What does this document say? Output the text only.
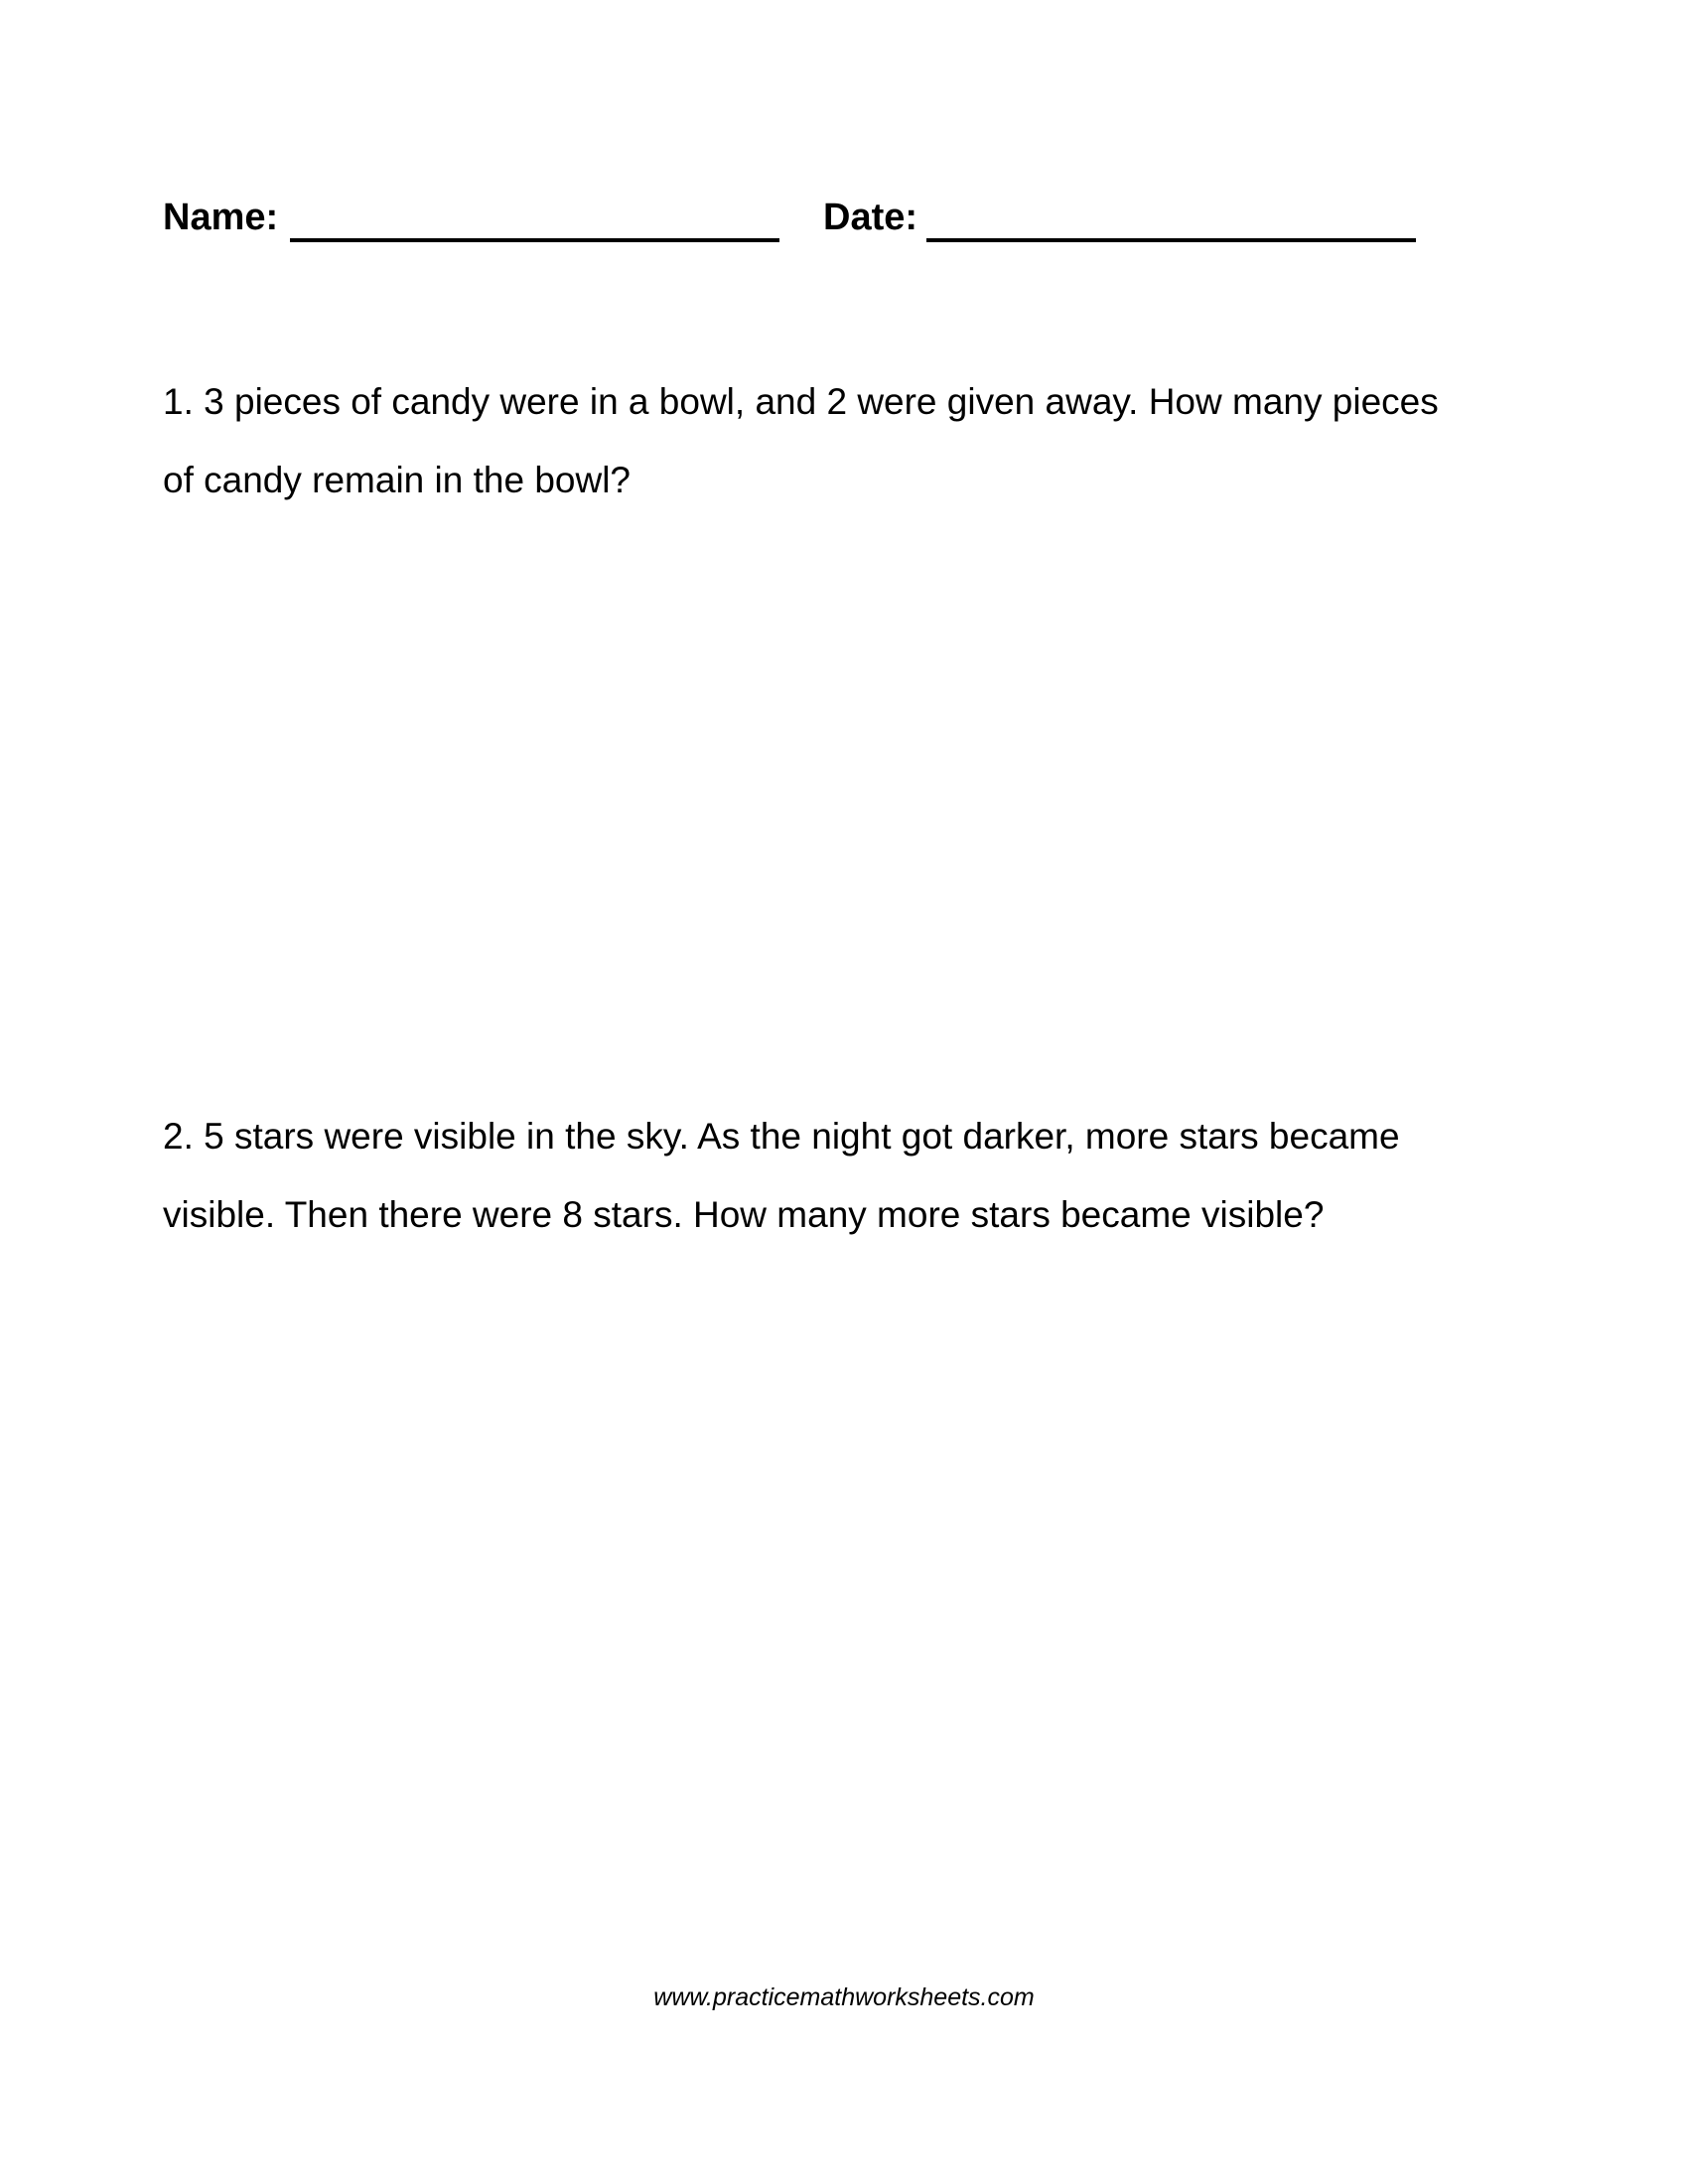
Name:	Date:
1. 3 pieces of candy were in a bowl, and 2 were given away. How many pieces
of candy remain in the bowl?
2. 5 stars were visible in the sky. As the night got darker, more stars became
visible. Then there were 8 stars. How many more stars became visible?
www.practicemathworksheets.com
